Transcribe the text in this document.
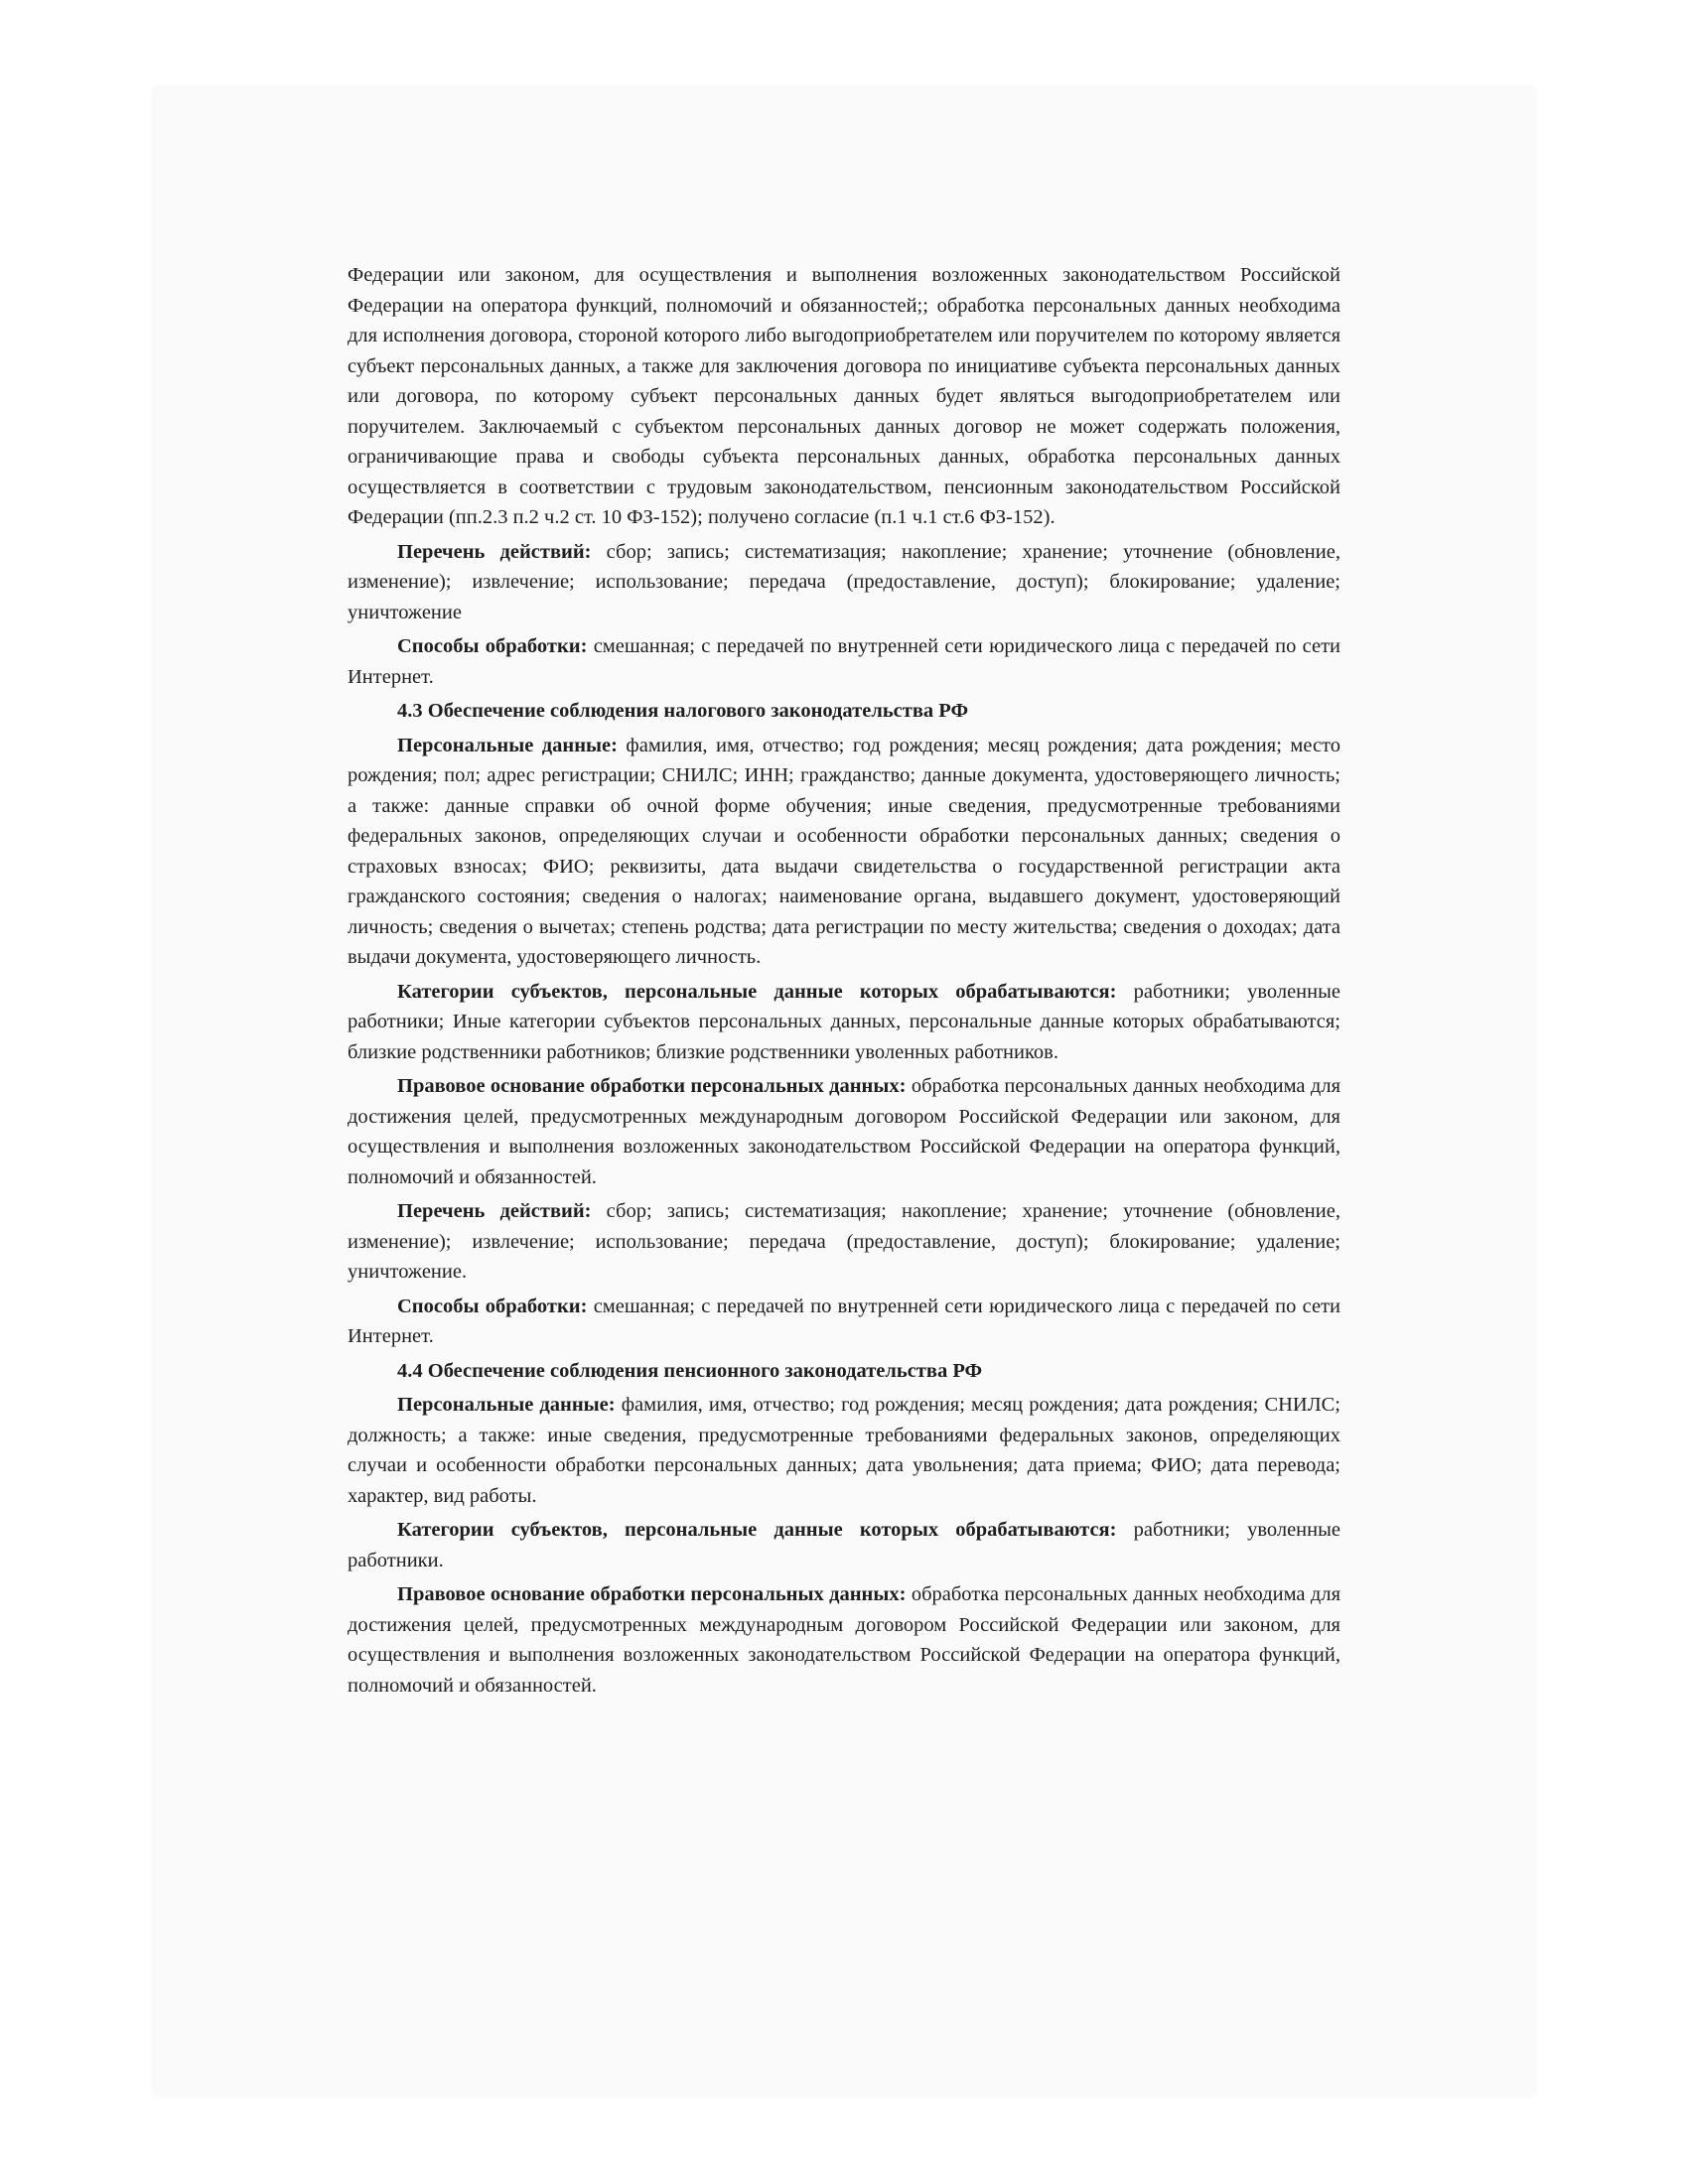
Федерации или законом, для осуществления и выполнения возложенных законодательством Российской Федерации на оператора функций, полномочий и обязанностей;; обработка персональных данных необходима для исполнения договора, стороной которого либо выгодоприобретателем или поручителем по которому является субъект персональных данных, а также для заключения договора по инициативе субъекта персональных данных или договора, по которому субъект персональных данных будет являться выгодоприобретателем или поручителем. Заключаемый с субъектом персональных данных договор не может содержать положения, ограничивающие права и свободы субъекта персональных данных, обработка персональных данных осуществляется в соответствии с трудовым законодательством, пенсионным законодательством Российской Федерации (пп.2.3 п.2 ч.2 ст. 10 ФЗ-152); получено согласие (п.1 ч.1 ст.6 ФЗ-152).

Перечень действий: сбор; запись; систематизация; накопление; хранение; уточнение (обновление, изменение); извлечение; использование; передача (предоставление, доступ); блокирование; удаление; уничтожение

Способы обработки: смешанная; с передачей по внутренней сети юридического лица с передачей по сети Интернет.

4.3 Обеспечение соблюдения налогового законодательства РФ

Персональные данные: фамилия, имя, отчество; год рождения; месяц рождения; дата рождения; место рождения; пол; адрес регистрации; СНИЛС; ИНН; гражданство; данные документа, удостоверяющего личность; а также: данные справки об очной форме обучения; иные сведения, предусмотренные требованиями федеральных законов, определяющих случаи и особенности обработки персональных данных; сведения о страховых взносах; ФИО; реквизиты, дата выдачи свидетельства о государственной регистрации акта гражданского состояния; сведения о налогах; наименование органа, выдавшего документ, удостоверяющий личность; сведения о вычетах; степень родства; дата регистрации по месту жительства; сведения о доходах; дата выдачи документа, удостоверяющего личность.

Категории субъектов, персональные данные которых обрабатываются: работники; уволенные работники; Иные категории субъектов персональных данных, персональные данные которых обрабатываются; близкие родственники работников; близкие родственники уволенных работников.

Правовое основание обработки персональных данных: обработка персональных данных необходима для достижения целей, предусмотренных международным договором Российской Федерации или законом, для осуществления и выполнения возложенных законодательством Российской Федерации на оператора функций, полномочий и обязанностей.

Перечень действий: сбор; запись; систематизация; накопление; хранение; уточнение (обновление, изменение); извлечение; использование; передача (предоставление, доступ); блокирование; удаление; уничтожение.

Способы обработки: смешанная; с передачей по внутренней сети юридического лица с передачей по сети Интернет.

4.4 Обеспечение соблюдения пенсионного законодательства РФ

Персональные данные: фамилия, имя, отчество; год рождения; месяц рождения; дата рождения; СНИЛС; должность; а также: иные сведения, предусмотренные требованиями федеральных законов, определяющих случаи и особенности обработки персональных данных; дата увольнения; дата приема; ФИО; дата перевода; характер, вид работы.

Категории субъектов, персональные данные которых обрабатываются: работники; уволенные работники.

Правовое основание обработки персональных данных: обработка персональных данных необходима для достижения целей, предусмотренных международным договором Российской Федерации или законом, для осуществления и выполнения возложенных законодательством Российской Федерации на оператора функций, полномочий и обязанностей.
